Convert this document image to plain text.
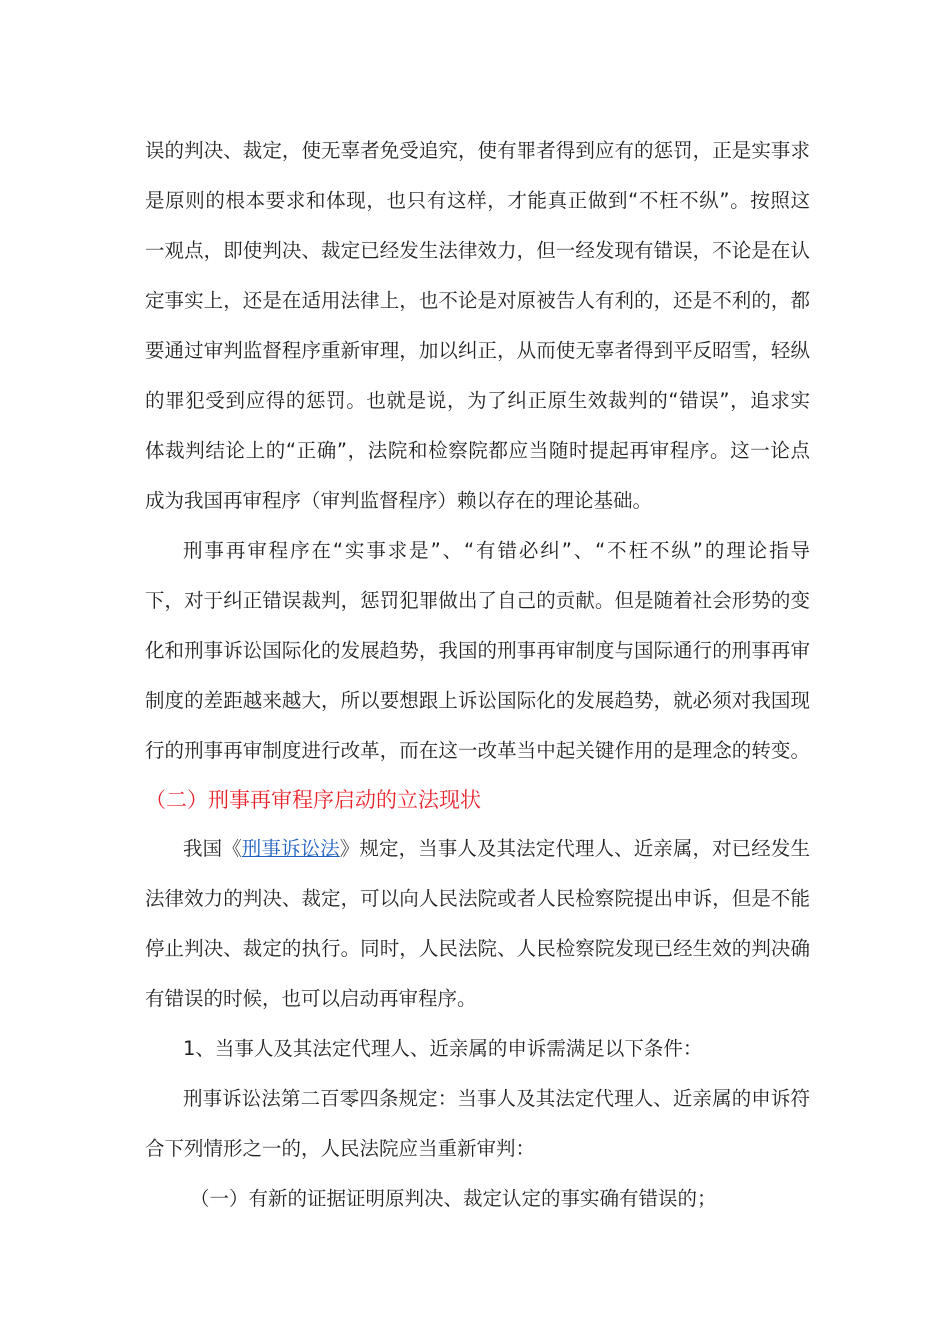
误的判决、裁定，使无辜者免受追究，使有罪者得到应有的惩罚，正是实事求
是原则的根本要求和体现，也只有这样，才能真正做到“不枉不纵”。按照这
一观点，即使判决、裁定已经发生法律效力，但一经发现有错误，不论是在认
定事实上，还是在适用法律上，也不论是对原被告人有利的，还是不利的，都
要通过审判监督程序重新审理，加以纠正，从而使无辜者得到平反昭雪，轻纵
的罪犯受到应得的惩罚。也就是说，为了纠正原生效裁判的“错误”，追求实
体裁判结论上的“正确”，法院和检察院都应当随时提起再审程序。这一论点
成为我国再审程序（审判监督程序）赖以存在的理论基础。
刑事再审程序在“实事求是”、“有错必纠”、“不枉不纵”的理论指导
下，对于纠正错误裁判，惩罚犯罪做出了自己的贡献。但是随着社会形势的变
化和刑事诉讼国际化的发展趋势，我国的刑事再审制度与国际通行的刑事再审
制度的差距越来越大，所以要想跟上诉讼国际化的发展趋势，就必须对我国现
行的刑事再审制度进行改革，而在这一改革当中起关键作用的是理念的转变。
（二）刑事再审程序启动的立法现状
我国《刑事诉讼法》规定，当事人及其法定代理人、近亲属，对已经发生
法律效力的判决、裁定，可以向人民法院或者人民检察院提出申诉，但是不能
停止判决、裁定的执行。同时，人民法院、人民检察院发现已经生效的判决确
有错误的时候，也可以启动再审程序。
1、当事人及其法定代理人、近亲属的申诉需满足以下条件：
刑事诉讼法第二百零四条规定：当事人及其法定代理人、近亲属的申诉符
合下列情形之一的，人民法院应当重新审判：
（一）有新的证据证明原判决、裁定认定的事实确有错误的；
